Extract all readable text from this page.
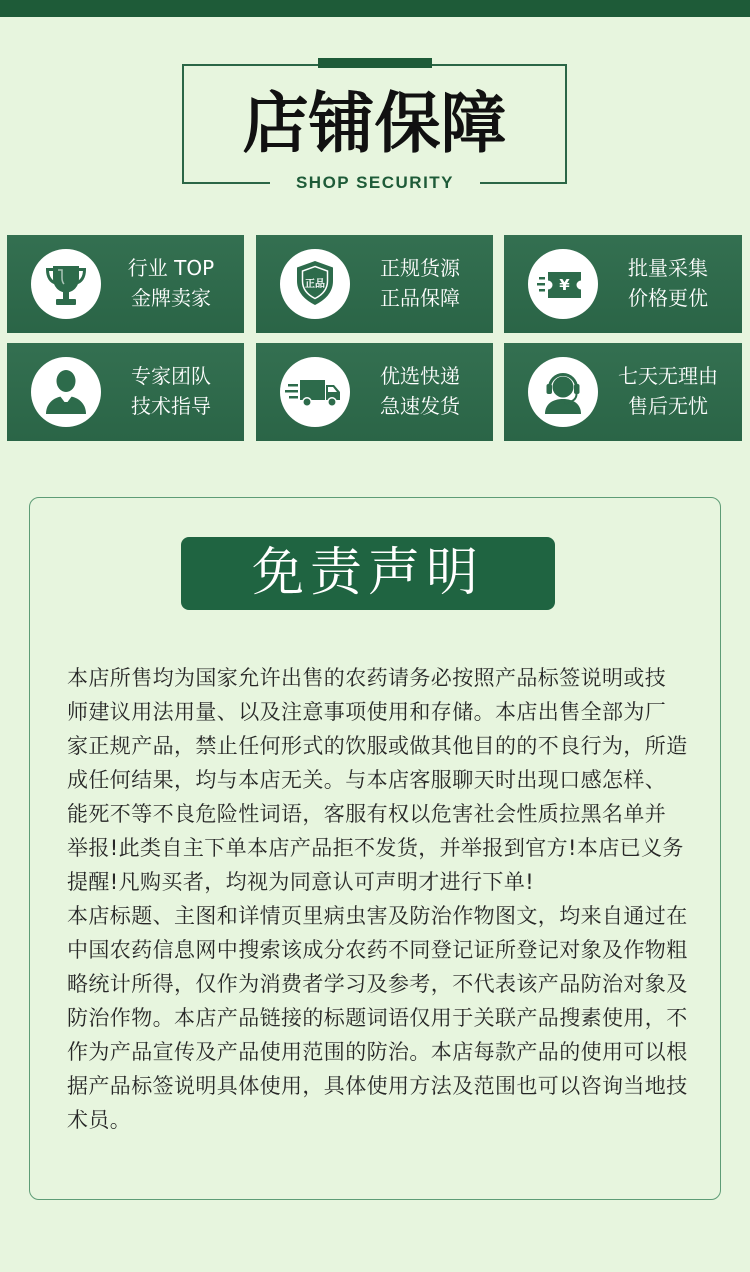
店铺保障
SHOP SECURITY
行业 TOP
金牌卖家
正品
正规货源
正品保障
¥
批量采集
价格更优
专家团队
技术指导
优选快递
急速发货
七天无理由
售后无忧
免责声明
本店所售均为国家允许出售的农药请务必按照产品标签说明或技
师建议用法用量、以及注意事项使用和存储。本店出售全部为厂
家正规产品，禁止任何形式的饮服或做其他目的的不良行为，所造
成任何结果，均与本店无关。与本店客服聊天时出现口感怎样、
能死不等不良危险性词语，客服有权以危害社会性质拉黑名单并
举报!此类自主下单本店产品拒不发货，并举报到官方!本店已义务
提醒!凡购买者，均视为同意认可声明才进行下单!
本店标题、主图和详情页里病虫害及防治作物图文，均来自通过在
中国农药信息网中搜索该成分农药不同登记证所登记对象及作物粗
略统计所得，仅作为消费者学习及参考，不代表该产品防治对象及
防治作物。本店产品链接的标题词语仅用于关联产品搜素使用，不
作为产品宣传及产品使用范围的防治。本店每款产品的使用可以根
据产品标签说明具体使用，具体使用方法及范围也可以咨询当地技
术员。
